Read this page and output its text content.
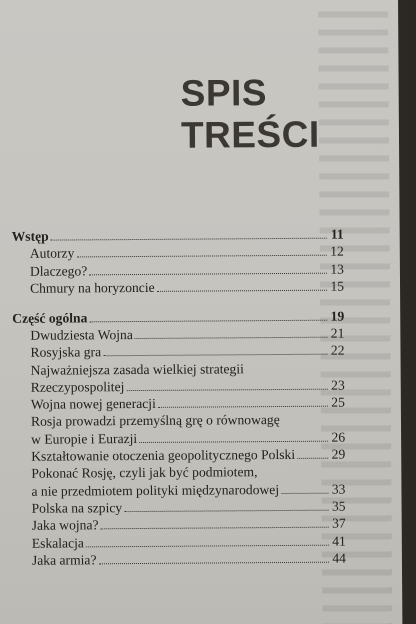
SPIS TREŚCI
Wstęp	11
Autorzy	12
Dlaczego?	13
Chmury na horyzoncie	15
Część ogólna	19
Dwudziesta Wojna	21
Rosyjska gra	22
Najważniejsza zasada wielkiej strategii
Rzeczypospolitej	23
Wojna nowej generacji	25
Rosja prowadzi przemyślną grę o równowagę
w Europie i Eurazji	26
Kształtowanie otoczenia geopolitycznego Polski	29
Pokonać Rosję, czyli jak być podmiotem,
a nie przedmiotem polityki międzynarodowej	33
Polska na szpicy	35
Jaka wojna?	37
Eskalacja	41
Jaka armia?	44
